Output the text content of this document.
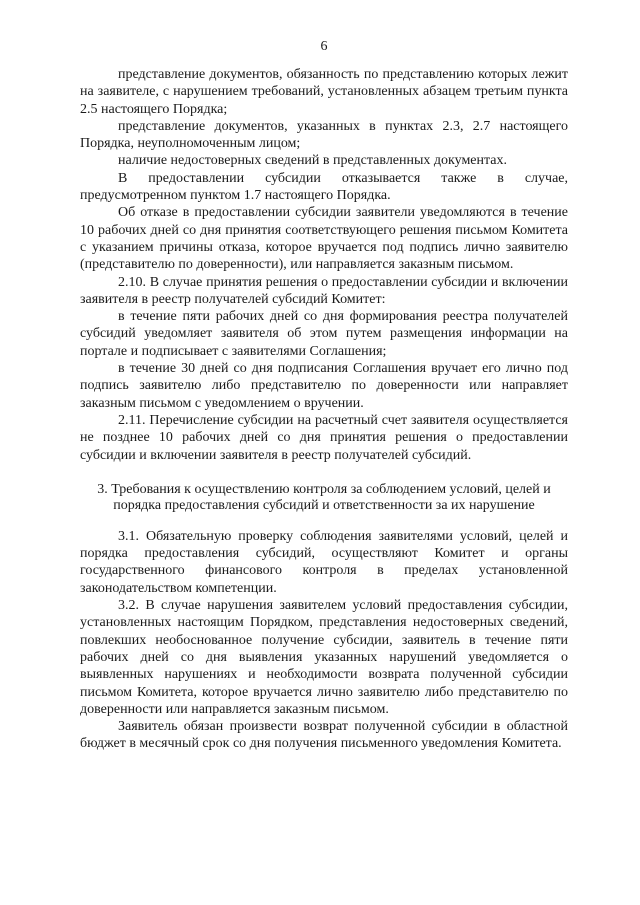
6

представление документов, обязанность по представлению которых лежит на заявителе, с нарушением требований, установленных абзацем третьим пункта 2.5 настоящего Порядка;

представление документов, указанных в пунктах 2.3, 2.7 настоящего Порядка, неуполномоченным лицом;

наличие недостоверных сведений в представленных документах.

В предоставлении субсидии отказывается также в случае, предусмотренном пунктом 1.7 настоящего Порядка.

Об отказе в предоставлении субсидии заявители уведомляются в течение 10 рабочих дней со дня принятия соответствующего решения письмом Комитета с указанием причины отказа, которое вручается под подпись лично заявителю (представителю по доверенности), или направляется заказным письмом.

2.10. В случае принятия решения о предоставлении субсидии и включении заявителя в реестр получателей субсидий Комитет:

в течение пяти рабочих дней со дня формирования реестра получателей субсидий уведомляет заявителя об этом путем размещения информации на портале и подписывает с заявителями Соглашения;

в течение 30 дней со дня подписания Соглашения вручает его лично под подпись заявителю либо представителю по доверенности или направляет заказным письмом с уведомлением о вручении.

2.11. Перечисление субсидии на расчетный счет заявителя осуществляется не позднее 10 рабочих дней со дня принятия решения о предоставлении субсидии и включении заявителя в реестр получателей субсидий.

3. Требования к осуществлению контроля за соблюдением условий, целей и порядка предоставления субсидий и ответственности за их нарушение

3.1. Обязательную проверку соблюдения заявителями условий, целей и порядка предоставления субсидий, осуществляют Комитет и органы государственного финансового контроля в пределах установленной законодательством компетенции.

3.2. В случае нарушения заявителем условий предоставления субсидии, установленных настоящим Порядком, представления недостоверных сведений, повлекших необоснованное получение субсидии, заявитель в течение пяти рабочих дней со дня выявления указанных нарушений уведомляется о выявленных нарушениях и необходимости возврата полученной субсидии письмом Комитета, которое вручается лично заявителю либо представителю по доверенности или направляется заказным письмом.

Заявитель обязан произвести возврат полученной субсидии в областной бюджет в месячный срок со дня получения письменного уведомления Комитета.
